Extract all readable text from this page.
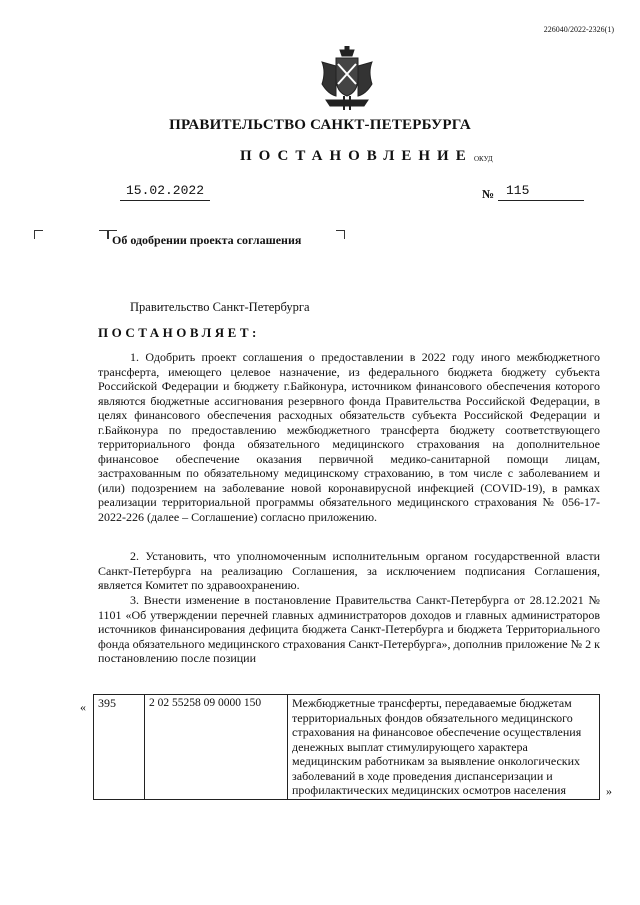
226040/2022-2326(1)
ПРАВИТЕЛЬСТВО САНКТ-ПЕТЕРБУРГА
ПОСТАНОВЛЕНИЕ ОКУД
15.02.2022	№ 115
Об одобрении проекта соглашения
Правительство Санкт-Петербурга
ПОСТАНОВЛЯЕТ:

1. Одобрить проект соглашения о предоставлении в 2022 году иного межбюджетного трансферта, имеющего целевое назначение, из федерального бюджета бюджету субъекта Российской Федерации и бюджету г.Байконура, источником финансового обеспечения которого являются бюджетные ассигнования резервного фонда Правительства Российской Федерации, в целях финансового обеспечения расходных обязательств субъекта Российской Федерации и г.Байконура по предоставлению межбюджетного трансферта бюджету соответствующего территориального фонда обязательного медицинского страхования на дополнительное финансовое обеспечение оказания первичной медико-санитарной помощи лицам, застрахованным по обязательному медицинскому страхованию, в том числе с заболеванием и (или) подозрением на заболевание новой коронавирусной инфекцией (COVID-19), в рамках реализации территориальной программы обязательного медицинского страхования № 056-17-2022-226 (далее – Соглашение) согласно приложению.

2. Установить, что уполномоченным исполнительным органом государственной власти Санкт-Петербурга на реализацию Соглашения, за исключением подписания Соглашения, является Комитет по здравоохранению.

3. Внести изменение в постановление Правительства Санкт-Петербурга от 28.12.2021 № 1101 «Об утверждении перечней главных администраторов доходов и главных администраторов источников финансирования дефицита бюджета Санкт-Петербурга и бюджета Территориального фонда обязательного медицинского страхования Санкт-Петербурга», дополнив приложение № 2 к постановлению после позиции

« 395	2 02 55258 09 0000 150	Межбюджетные трансферты, передаваемые бюджетам территориальных фондов обязательного медицинского страхования на финансовое обеспечение осуществления денежных выплат стимулирующего характера медицинским работникам за выявление онкологических заболеваний в ходе проведения диспансеризации и профилактических медицинских осмотров населения	»
